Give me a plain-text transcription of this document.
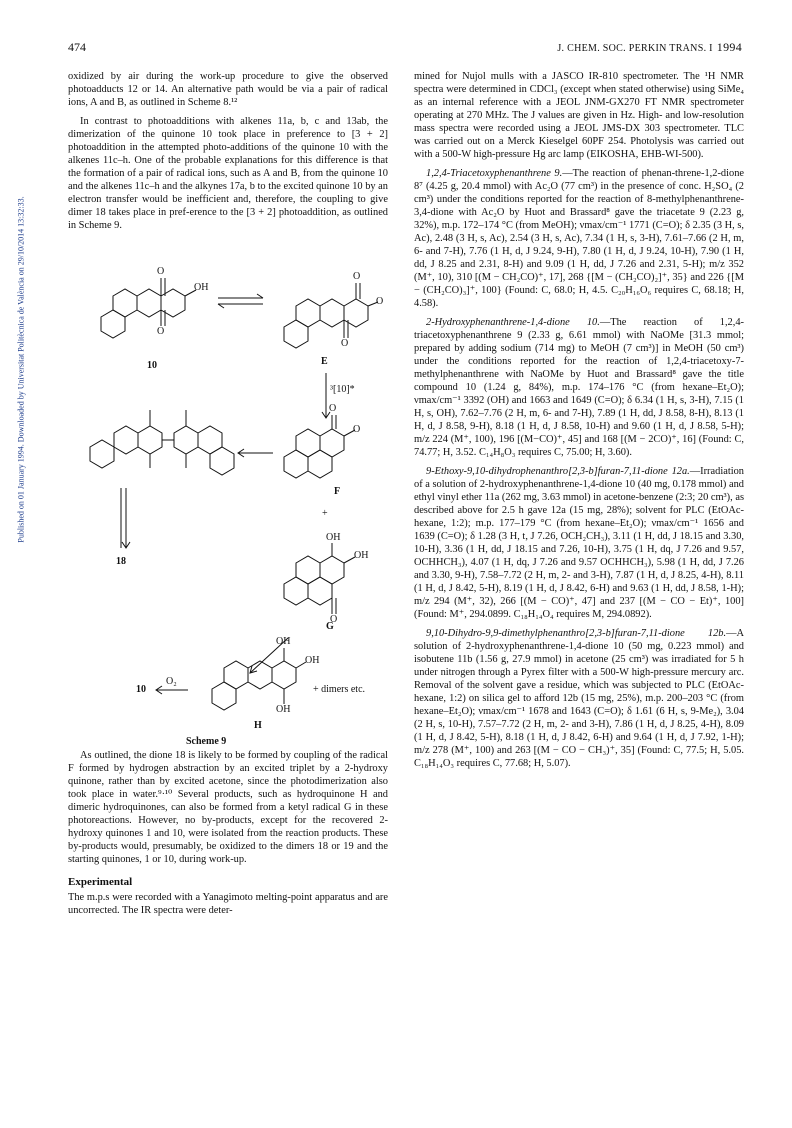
474	J. CHEM. SOC. PERKIN TRANS. I 1994
Published on 01 January 1994. Downloaded by Universitat Politècnica de València on 29/10/2014 13:32:33.

oxidized by air during the work-up procedure to give the observed photoadducts 12 or 14. An alternative path would be via a pair of radical ions, A and B, as outlined in Scheme 8.¹²

In contrast to photoadditions with alkenes 11a, b, c and 13ab, the dimerization of the quinone 10 took place in preference to [3 + 2] photoaddition in the attempted photo-additions of the quinone 10 with the alkenes 11c–h. One of the probable explanations for this difference is that the formation of a pair of radical ions, such as A and B, from the quinone 10 and the alkenes 11c–h and the alkynes 17a, b to the excited quinone 10 by an electron transfer would be inefficient and, therefore, the coupling to give dimer 18 takes place in pref-erence to the [3 + 2] photoaddition, as outlined in Scheme 9.

10	E
F
G
H
18
10
OH
O
O
O
O
O
³[10]*
O
O
+
OH
OH
O
OH
OH
OH
O₂
+ dimers etc.
Scheme 9

As outlined, the dione 18 is likely to be formed by coupling of the radical F formed by hydrogen abstraction by an excited triplet by a 2-hydroxy quinone, rather than by excited acetone, since the photodimerization also took place in water.⁹·¹⁰ Several products, such as hydroquinone H and dimeric hydroquinones, can also be formed from a ketyl radical G in these photoreactions. However, no by-products, except for the recovered 2-hydroxy quinones 1 and 10, were isolated from the reaction products. These by-products would, presumably, be oxidized to the dimers 18 or 19 and the starting quinones, 1 or 10, during work-up.

Experimental

The m.p.s were recorded with a Yanagimoto melting-point apparatus and are uncorrected. The IR spectra were deter-

mined for Nujol mulls with a JASCO IR-810 spectrometer. The ¹H NMR spectra were determined in CDCl₃ (except when stated otherwise) using SiMe₄ as an internal reference with a JEOL JNM-GX270 FT NMR spectrometer operating at 270 MHz. The J values are given in Hz. High- and low-resolution mass spectra were recorded using a JEOL JMS-DX 303 spectrometer. TLC was carried out on a Merck Kieselgel 60PF 254. Photolysis was carried out with a 500-W high-pressure Hg arc lamp (EIKOSHA, EHB-WI-500).

1,2,4-Triacetoxyphenanthrene 9.—The reaction of phenan-threne-1,2-dione 8⁷ (4.25 g, 20.4 mmol) with Ac₂O (77 cm³) in the presence of conc. H₂SO₄ (2 cm³) under the conditions reported for the reaction of 8-methylphenanthrene-3,4-dione with Ac₂O by Huot and Brassard⁸ gave the triacetate 9 (2.23 g, 32%), m.p. 172–174 °C (from MeOH); νmax/cm⁻¹ 1771 (C=O); δ 2.35 (3 H, s, Ac), 2.48 (3 H, s, Ac), 2.54 (3 H, s, Ac), 7.34 (1 H, s, 3-H), 7.61–7.66 (2 H, m, 6- and 7-H), 7.76 (1 H, d, J 9.24, 9-H), 7.80 (1 H, d, J 9.24, 10-H), 7.90 (1 H, dd, J 8.25 and 2.31, 8-H) and 9.09 (1 H, dd, J 7.26 and 2.31, 5-H); m/z 352 (M⁺, 10), 310 [(M − CH₂CO)⁺, 17], 268 {[M − (CH₂CO)₂]⁺, 35} and 226 {[M − (CH₂CO)₃]⁺, 100} (Found: C, 68.0; H, 4.5. C₂₀H₁₆O₆ requires C, 68.18; H, 4.58).

2-Hydroxyphenanthrene-1,4-dione 10.—The reaction of 1,2,4-triacetoxyphenanthrene 9 (2.33 g, 6.61 mmol) with NaOMe [31.3 mmol; prepared by adding sodium (714 mg) to MeOH (7 cm³)] in MeOH (50 cm³) under the conditions reported for the reaction of 1,2,4-triacetoxy-7-methylphenanthrene with NaOMe by Huot and Brassard⁸ gave the title compound 10 (1.24 g, 84%), m.p. 174–176 °C (from hexane–Et₂O); νmax/cm⁻¹ 3392 (OH) and 1663 and 1649 (C=O); δ 6.34 (1 H, s, 3-H), 7.15 (1 H, s, OH), 7.62–7.76 (2 H, m, 6- and 7-H), 7.89 (1 H, dd, J 8.58, 8-H), 8.13 (1 H, d, J 8.58, 9-H), 8.18 (1 H, d, J 8.58, 10-H) and 9.60 (1 H, d, J 8.58, 5-H); m/z 224 (M⁺, 100), 196 [(M−CO)⁺, 45] and 168 [(M − 2CO)⁺, 16] (Found: C, 74.77; H, 3.52. C₁₄H₈O₃ requires C, 75.00; H, 3.60).

9-Ethoxy-9,10-dihydrophenanthro[2,3-b]furan-7,11-dione 12a.—Irradiation of a solution of 2-hydroxyphenanthrene-1,4-dione 10 (40 mg, 0.178 mmol) and ethyl vinyl ether 11a (262 mg, 3.63 mmol) in acetone-benzene (2:3; 20 cm³), as described above for 2.5 h gave 12a (15 mg, 28%); solvent for PLC (EtOAc-hexane, 1:2); m.p. 177–179 °C (from hexane–Et₂O); νmax/cm⁻¹ 1656 and 1639 (C=O); δ 1.28 (3 H, t, J 7.26, OCH₂CH₃), 3.11 (1 H, dd, J 18.15 and 3.30, 10-H), 3.36 (1 H, dd, J 18.15 and 7.26, 10-H), 3.75 (1 H, dq, J 7.26 and 9.57, OCHHCH₃), 4.07 (1 H, dq, J 7.26 and 9.57 OCHHCH₃), 5.98 (1 H, dd, J 7.26 and 3.30, 9-H), 7.58–7.72 (2 H, m, 2- and 3-H), 7.87 (1 H, d, J 8.25, 4-H), 8.11 (1 H, d, J 8.42, 5-H), 8.19 (1 H, d, J 8.42, 6-H) and 9.63 (1 H, dd, J 8.58, 1-H); m/z 294 (M⁺, 32), 266 [(M − CO)⁺, 47] and 237 [(M − CO − Et)⁺, 100] (Found: M⁺, 294.0899. C₁₈H₁₄O₄ requires M, 294.0892).

9,10-Dihydro-9,9-dimethylphenanthro[2,3-b]furan-7,11-dione 12b.—A solution of 2-hydroxyphenanthrene-1,4-dione 10 (50 mg, 0.223 mmol) and isobutene 11b (1.56 g, 27.9 mmol) in acetone (25 cm³) was irradiated for 5 h under nitrogen through a Pyrex filter with a 500-W high-pressure mercury arc. Removal of the solvent gave a residue, which was subjected to PLC (EtOAc-hexane, 1:2) on silica gel to afford 12b (15 mg, 25%), m.p. 200–203 °C (from hexane–Et₂O); νmax/cm⁻¹ 1678 and 1643 (C=O); δ 1.61 (6 H, s, 9-Me₂), 3.04 (2 H, s, 10-H), 7.57–7.72 (2 H, m, 2- and 3-H), 7.86 (1 H, d, J 8.25, 4-H), 8.09 (1 H, d, J 8.42, 5-H), 8.18 (1 H, d, J 8.42, 6-H) and 9.64 (1 H, d, J 7.92, 1-H); m/z 278 (M⁺, 100) and 263 [(M − CO − CH₃)⁺, 35] (Found: C, 77.5; H, 5.05. C₁₈H₁₄O₃ requires C, 77.68; H, 5.07).
